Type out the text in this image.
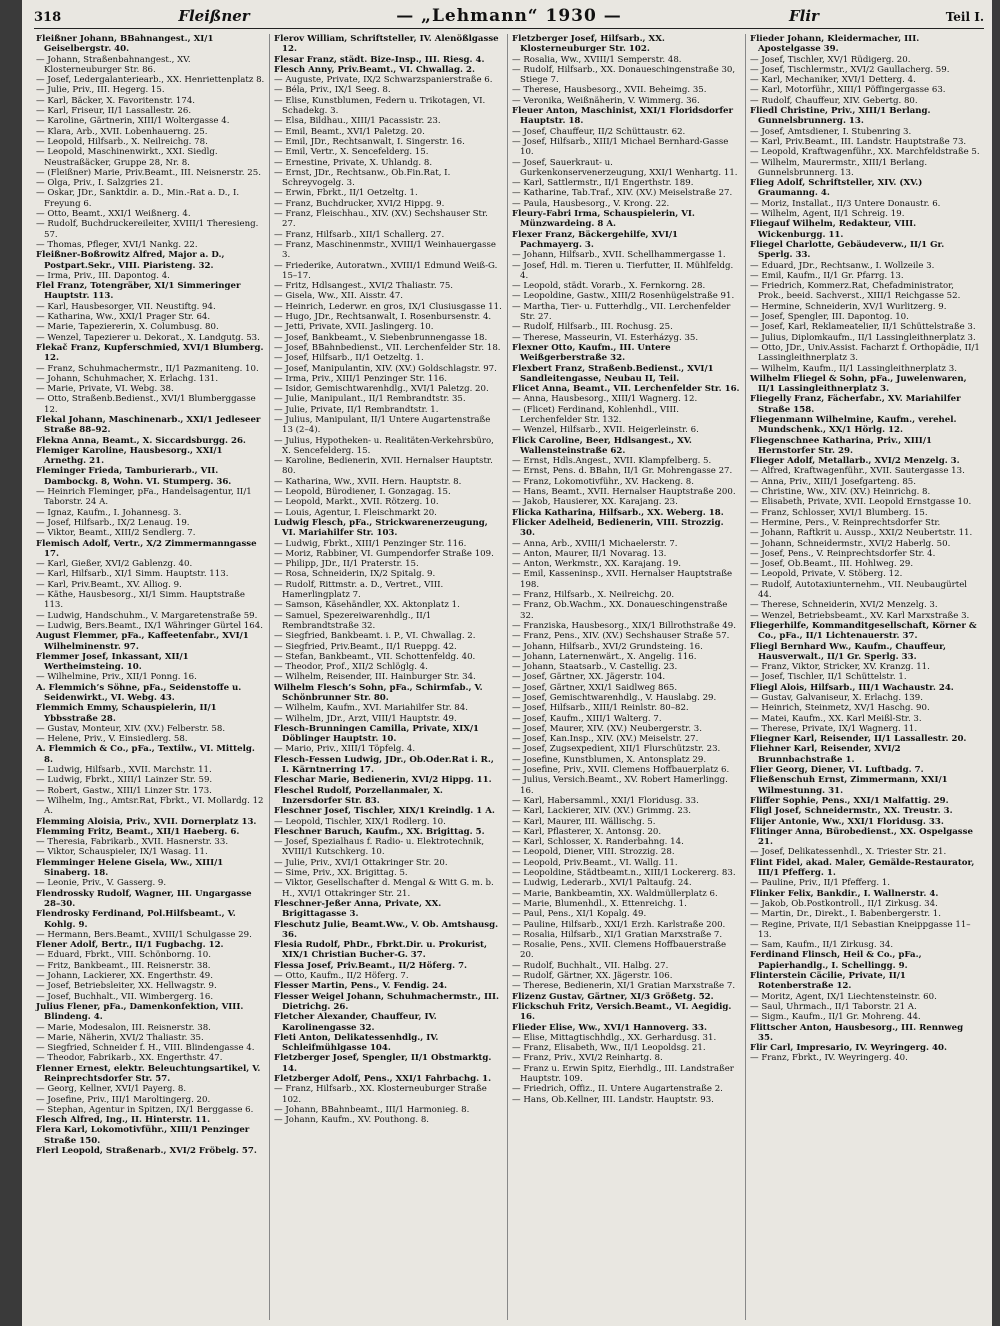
318	Fleißner	— „Lehmann“ 1930 —	Flir	Teil I.

Fleißner Johann, BBahnangest., XI/1 Geiselbergstr. 40.

— Johann, Straßenbahnangest., XV. Klosterneuburger Str. 86.

— Josef, Ledergalanteriearb., XX. Henriettenplatz 8.

— Julie, Priv., III. Hegerg. 15.

— Karl, Bäcker, X. Favoritenstr. 174.

— Karl, Friseur, II/1 Lassallestr. 26.

— Karoline, Gärtnerin, XIII/1 Woltergasse 4.

— Klara, Arb., XVII. Lobenhauerng. 25.

— Leopold, Hilfsarb., X. Neilreichg. 78.

— Leopold, Maschinenwirkt., XXI. Siedlg. Neustraßäcker, Gruppe 28, Nr. 8.

— (Fleißner) Marie, Priv.Beamt., III. Neisnerstr. 25.

— Olga, Priv., I. Salzgries 21.

— Oskar, JDr., Sanktdir. a. D., Min.-Rat a. D., I. Freyung 6.

— Otto, Beamt., XXI/1 Weißnerg. 4.

— Rudolf, Buchdruckereileiter, XVIII/1 Theresieng. 57.

— Thomas, Pfleger, XVI/1 Nankg. 22.

Fleißner-Boßrowitz Alfred, Major a. D., Postpart.Sekr., VIII. Piaristeng. 32.

— Irma, Priv., III. Dapontog. 4.

Flel Franz, Totengräber, XI/1 Simmeringer Hauptstr. 113.

— Karl, Hausbesorger, VII. Neustiftg. 94.

— Katharina, Ww., XXI/1 Prager Str. 64.

— Marie, Tapeziererin, X. Columbusg. 80.

— Wenzel, Tapezierer u. Dekorat., X. Landgutg. 53.

Flekač Franz, Kupferschmied, XVI/1 Blumberg. 12.

— Franz, Schuhmachermstr., II/1 Pazmaniteng. 10.

— Johann, Schuhmacher, X. Erlachg. 131.

— Marie, Private, VI. Webg. 38.

— Otto, Straßenb.Bedienst., XVI/1 Blumberggasse 12.

Flekal Johann, Maschinenarb., XXI/1 Jedleseer Straße 88–92.

Flekna Anna, Beamt., X. Siccardsburgg. 26.

Flemiger Karoline, Hausbesorg., XXI/1 Arnethg. 21.

Fleminger Frieda, Tamburierarb., VII. Dambockg. 8, Wohn. VI. Stumperg. 36.

— Heinrich Fleminger, pFa., Handelsagentur, II/1 Taborstr. 24 A.

— Ignaz, Kaufm., I. Johannesg. 3.

— Josef, Hilfsarb., IX/2 Lenaug. 19.

— Viktor, Beamt., XIII/2 Sendlerg. 7.

Flemisch Adolf, Vertr., X/2 Zimmermanngasse 17.

— Karl, Gießer, XVI/2 Gablenzg. 40.

— Karl, Hilfsarb., XI/1 Simm. Hauptstr. 113.

— Karl, Priv.Beamt., XV. Alliog. 9.

— Käthe, Hausbesorg., XI/1 Simm. Hauptstraße 113.

— Ludwig, Handschuhm., V. Margaretenstraße 59.

— Ludwig, Bers.Beamt., IX/1 Währinger Gürtel 164.

August Flemmer, pFa., Kaffeetenfabr., XVI/1 Wilhelminenstr. 97.

Flemmer Josef, Inkassant, XII/1 Wertheimsteing. 10.

— Wilhelmine, Priv., XII/1 Ponng. 16.

A. Flemmich’s Söhne, pFa., Seidenstoffe u. Seidenwirkt., VI. Webg. 43.

Flemmich Emmy, Schauspielerin, II/1 Ybbsstraße 28.

— Gustav, Monteur, XIV. (XV.) Felberstr. 58.

— Helene, Priv., V. Einsiedlerg. 58.

A. Flemmich & Co., pFa., Textilw., VI. Mittelg. 8.

— Ludwig, Hilfsarb., XVII. Marchstr. 11.

— Ludwig, Fbrkt., XIII/1 Lainzer Str. 59.

— Robert, Gastw., XIII/1 Linzer Str. 173.

— Wilhelm, Ing., Amtsr.Rat, Fbrkt., VI. Mollardg. 12 A.

Flemming Aloisia, Priv., XVII. Dornerplatz 13.

Flemming Fritz, Beamt., XII/1 Haeberg. 6.

— Theresia, Fabrikarb., XVII. Hasnerstr. 33.

— Viktor, Schauspieler, IX/1 Wasag. 11.

Flemminger Helene Gisela, Ww., XIII/1 Sinaberg. 18.

— Leonie, Priv., V. Gasserg. 9.

Flendrossky Rudolf, Wagner, III. Ungargasse 28–30.

Flendrosky Ferdinand, Pol.Hilfsbeamt., V. Kohlg. 9.

— Hermann, Bers.Beamt., XVIII/1 Schulgasse 29.

Flener Adolf, Bertr., II/1 Fugbachg. 12.

— Eduard, Fbrkt., VIII. Schönborng. 10.

— Fritz, Bankbeamt., III. Reisnerstr. 38.

— Johann, Lackierer, XX. Engerthstr. 49.

— Josef, Betriebsleiter, XX. Hellwagstr. 9.

— Josef, Buchhalt., VII. Wimbergerg. 16.

Julius Flener, pFa., Damenkonfektion, VIII. Blindeng. 4.

— Marie, Modesalon, III. Reisnerstr. 38.

— Marie, Näherin, XVI/2 Thaliastr. 35.

— Siegfried, Schneider f. H., VIII. Blindengasse 4.

— Theodor, Fabrikarb., XX. Engerthstr. 47.

Flenner Ernest, elektr. Beleuchtungsartikel, V. Reinprechtsdorfer Str. 57.

— Georg, Kellner, XVI/1 Payerg. 8.

— Josefine, Priv., III/1 Maroltingerg. 20.

— Stephan, Agentur in Spitzen, IX/1 Berggasse 6.

Flesch Alfred, Ing., II. Hinterstr. 11.

Flera Karl, Lokomotivführ., XIII/1 Penzinger Straße 150.

Flerl Leopold, Straßenarb., XVI/2 Fröbelg. 57.

Flerov William, Schriftsteller, IV. Alenößlgasse 12.

Flesar Franz, städt. Bize-Insp., III. Riesg. 4.

Flesch Anny, Priv.Beamt., VI. Chwallag. 2.

— Auguste, Private, IX/2 Schwarzspanierstraße 6.

— Béla, Priv., IX/1 Seeg. 8.

— Elise, Kunstblumen, Federn u. Trikotagen, VI. Schadekg. 3.

— Elsa, Bildhau., XIII/1 Pacassistr. 23.

— Emil, Beamt., XVI/1 Paletzg. 20.

— Emil, JDr., Rechtsanwalt, I. Singerstr. 16.

— Emil, Vertr., X. Sencefelderg. 15.

— Ernestine, Private, X. Uhlandg. 8.

— Ernst, JDr., Rechtsanw., Ob.Fin.Rat, I. Schreyvogelg. 3.

— Erwin, Fbrkt., II/1 Oetzeltg. 1.

— Franz, Buchdrucker, XVI/2 Hippg. 9.

— Franz, Fleischhau., XIV. (XV.) Sechshauser Str. 27.

— Franz, Hilfsarb., XII/1 Schallerg. 27.

— Franz, Maschinenmstr., XVIII/1 Weinhauergasse 3.

— Friederike, Autoratwn., XVIII/1 Edmund Weiß-G. 15–17.

— Fritz, Hdlsangest., XVI/2 Thaliastr. 75.

— Gisela, Ww., XII. Aisstr. 47.

— Heinrich, Lederwr. en gros, IX/1 Clusiusgasse 11.

— Hugo, JDr., Rechtsanwalt, I. Rosenbursenstr. 4.

— Jetti, Private, XVII. Jaslingerg. 10.

— Josef, Bankbeamt., V. Siebenbrunnengasse 18.

— Josef, BBahnbedienst., VII. Lerchenfelder Str. 18.

— Josef, Hilfsarb., II/1 Oetzeltg. 1.

— Josef, Manipulantin, XIV. (XV.) Goldschlagstr. 97.

— Irma, Priv., XIII/1 Penzinger Str. 116.

— Isidor, Gemischtwarenhdlg., XVI/1 Paletzg. 20.

— Julie, Manipulant., II/1 Rembrandtstr. 35.

— Julie, Private, II/1 Rembrandtstr. 1.

— Julius, Manipulant, II/1 Untere Augartenstraße 13 (2–4).

— Julius, Hypotheken- u. Realitäten-Verkehrsbüro, X. Sencefelderg. 15.

— Karoline, Bedienerin, XVII. Hernalser Hauptstr. 80.

— Katharina, Ww., XVII. Hern. Hauptstr. 8.

— Leopold, Bürodiener, I. Gonzagag. 15.

— Leopold, Markt., XVII. Rötzerg. 10.

— Louis, Agentur, I. Fleischmarkt 20.

Ludwig Flesch, pFa., Strickwarenerzeugung, VI. Mariahilfer Str. 103.

— Ludwig, Fbrkt., XIII/1 Penzinger Str. 116.

— Moriz, Rabbiner, VI. Gumpendorfer Straße 109.

— Philipp, JDr., II/1 Praterstr. 15.

— Rosa, Schneiderin, IX/2 Spitalg. 9.

— Rudolf, Rittmstr. a. D., Vertret., VIII. Hamerlingplatz 7.

— Samson, Käsehändler, XX. Aktonplatz 1.

— Samuel, Spezereiwarenhdlg., II/1 Rembrandtstraße 32.

— Siegfried, Bankbeamt. i. P., VI. Chwallag. 2.

— Siegfried, Priv.Beamt., II/1 Rueppg. 42.

— Stefan, Bankbeamt., VII. Schottenfeldg. 40.

— Theodor, Prof., XII/2 Schlöglg. 4.

— Wilhelm, Reisender, III. Hainburger Str. 34.

Wilhelm Flesch’s Sohn, pFa., Schirmfab., V. Schönbrunner Str. 80.

— Wilhelm, Kaufm., XVI. Mariahilfer Str. 84.

— Wilhelm, JDr., Arzt, VIII/1 Hauptstr. 49.

Flesch-Brunningen Camilla, Private, XIX/1 Döblinger Hauptstr. 10.

— Mario, Priv., XIII/1 Töpfelg. 4.

Flesch-Fessen Ludwig, JDr., Ob.Oder.Rat i. R., I. Kärntnerring 17.

Fleschar Marie, Bedienerin, XVI/2 Hippg. 11.

Fleschel Rudolf, Porzellanmaler, X. Inzersdorfer Str. 83.

Fleschner Josef, Tischler, XIX/1 Kreindlg. 1 A.

— Leopold, Tischler, XIX/1 Rodlerg. 10.

Fleschner Baruch, Kaufm., XX. Brigittag. 5.

— Josef, Spezialhaus f. Radio- u. Elektrotechnik, XVIII/1 Kutschkerg. 10.

— Julie, Priv., XVI/1 Ottakringer Str. 20.

— Sime, Priv., XX. Brigittag. 5.

— Viktor, Gesellschafter d. Mengal & Witt G. m. b. H., XVI/1 Ottakringer Str. 21.

Fleschner-Jeßer Anna, Private, XX. Brigittagasse 3.

Fleschutz Julie, Beamt.Ww., V. Ob. Amtshausg. 36.

Flesia Rudolf, PhDr., Fbrkt.Dir. u. Prokurist, XIX/1 Christian Bucher-G. 37.

Flessa Josef, Priv.Beamt., II/2 Höferg. 7.

— Otto, Kaufm., II/2 Höferg. 7.

Flesser Martin, Pens., V. Fendig. 24.

Flesser Weigel Johann, Schuhmachermstr., III. Dietrichg. 26.

Fletcher Alexander, Chauffeur, IV. Karolinengasse 32.

Fleti Anton, Delikatessenhdlg., IV. Schleifmühlgasse 104.

Fletzberger Josef, Spengler, II/1 Obstmarktg. 14.

Fletzberger Adolf, Pens., XXI/1 Fahrbachg. 1.

— Franz, Hilfsarb., XX. Klosterneuburger Straße 102.

— Johann, BBahnbeamt., III/1 Harmonieg. 8.

— Johann, Kaufm., XV. Pouthong. 8.

Fletzberger Josef, Hilfsarb., XX. Klosterneuburger Str. 102.

— Rosalia, Ww., XVIII/1 Semperstr. 48.

— Rudolf, Hilfsarb., XX. Donaueschingenstraße 30, Stiege 7.

— Therese, Hausbesorg., XVII. Beheimg. 35.

— Veronika, Weißnäherin, V. Wimmerg. 36.

Fleuer Anton, Maschinist, XXI/1 Floridsdorfer Hauptstr. 18.

— Josef, Chauffeur, II/2 Schüttaustr. 62.

— Josef, Hilfsarb., XIII/1 Michael Bernhard-Gasse 10.

— Josef, Sauerkraut- u. Gurkenkonservenerzeugung, XXI/1 Wenhartg. 11.

— Karl, Sattlermstr., II/1 Engerthstr. 189.

— Katharine, Tab.Traf., XIV. (XV.) Meiselstraße 27.

— Paula, Hausbesorg., V. Krong. 22.

Fleury-Fabri Irma, Schauspielerin, VI. Münzwardeing. 8 A.

Flexer Franz, Bäckergehilfe, XVI/1 Pachmayerg. 3.

— Johann, Hilfsarb., XVII. Schellhammergasse 1.

— Josef, Hdl. m. Tieren u. Tierfutter, II. Mühlfeldg. 4.

— Leopold, städt. Vorarb., X. Fernkorng. 28.

— Leopoldine, Gastw., XIII/2 Rosenhügelstraße 91.

— Martha, Tier- u. Futterhdlg., VII. Lerchenfelder Str. 27.

— Rudolf, Hilfsarb., III. Rochusg. 25.

— Therese, Masseurin, VI. Esterházyg. 35.

Flexner Otto, Kaufm., III. Untere Weißgerberstraße 32.

Flexbert Franz, Straßenb.Bedienst., XVI/1 Sandleitengasse, Neubau II, Teil.

Flicet Anna, Beamt., VII. Lerchenfelder Str. 16.

— Anna, Hausbesorg., XIII/1 Wagnerg. 12.

— (Flicet) Ferdinand, Kohlenhdl., VIII. Lerchenfelder Str. 132.

— Wenzel, Hilfsarb., XVII. Heigerleinstr. 6.

Flick Caroline, Beer, Hdlsangest., XV. Wallensteinstraße 62.

— Ernst, Hdls.Angest., XVII. Klampfelberg. 5.

— Ernst, Pens. d. BBahn, II/1 Gr. Mohrengasse 27.

— Franz, Lokomotivführ., XV. Hackeng. 8.

— Hans, Beamt., XVII. Hernalser Hauptstraße 200.

— Jakob, Hausierer, XX. Karajang. 23.

Flicka Katharina, Hilfsarb., XX. Weberg. 18.

Flicker Adelheid, Bedienerin, VIII. Strozzig. 30.

— Anna, Arb., XVIII/1 Michaelerstr. 7.

— Anton, Maurer, II/1 Novarag. 13.

— Anton, Werkmstr., XX. Karajang. 19.

— Emil, Kasseninsp., XVII. Hernalser Hauptstraße 198.

— Franz, Hilfsarb., X. Neilreichg. 20.

— Franz, Ob.Wachm., XX. Donaueschingenstraße 32.

— Franziska, Hausbesorg., XIX/1 Billrothstraße 49.

— Franz, Pens., XIV. (XV.) Sechshauser Straße 57.

— Johann, Hilfsarb., XVI/2 Grundsteing. 16.

— Johann, Laternenwärt., X. Angelig. 116.

— Johann, Staatsarb., V. Castellig. 23.

— Josef, Gärtner, XX. Jägerstr. 104.

— Josef, Gärtner, XXI/1 Saidlweg 865.

— Josef, Gemischtwarenhdlg., V. Hauslabg. 29.

— Josef, Hilfsarb., XIII/1 Reinlstr. 80–82.

— Josef, Kaufm., XIII/1 Walterg. 7.

— Josef, Maurer, XIV. (XV.) Neubergerstr. 3.

— Josef, Kan.Insp., XIV. (XV.) Meiselstr. 27.

— Josef, Zugsexpedient, XII/1 Flurschützstr. 23.

— Josefine, Kunstblumen, X. Antonsplatz 29.

— Josefine, Priv., XVII. Clemens Hoffbauerplatz 6.

— Julius, Versich.Beamt., XV. Robert Hamerlingg. 16.

— Karl, Habersamml., XXI/1 Floridusg. 33.

— Karl, Lackierer, XIV. (XV.) Grimmg. 23.

— Karl, Maurer, III. Wällischg. 5.

— Karl, Pflasterer, X. Antonsg. 20.

— Karl, Schlosser, X. Randerbahng. 14.

— Leopold, Diener, VIII. Strozzig. 28.

— Leopold, Priv.Beamt., VI. Wallg. 11.

— Leopoldine, Städtbeamt.n., XIII/1 Lockererg. 83.

— Ludwig, Lederarb., XVI/1 Paltaufg. 24.

— Marie, Bankbeamtin, XX. Waldmüllerplatz 6.

— Marie, Blumenhdl., X. Ettenreichg. 1.

— Paul, Pens., XI/1 Kopalg. 49.

— Pauline, Hilfsarb., XXI/1 Erzh. Karlstraße 200.

— Rosalia, Hilfsarb., XI/1 Gratian Marxstraße 7.

— Rosalie, Pens., XVII. Clemens Hoffbauerstraße 20.

— Rudolf, Buchhalt., VII. Halbg. 27.

— Rudolf, Gärtner, XX. Jägerstr. 106.

— Therese, Bedienerin, XI/1 Gratian Marxstraße 7.

Flizenz Gustav, Gärtner, XI/3 Größetg. 52.

Flickschuh Fritz, Versich.Beamt., VI. Aegidig. 16.

Flieder Elise, Ww., XVI/1 Hannoverg. 33.

— Elise, Mittagtischhdlg., XX. Gerhardusg. 31.

— Franz, Elisabeth, Ww., II/1 Leopoldsg. 21.

— Franz, Priv., XVI/2 Reinhartg. 8.

— Franz u. Erwin Spitz, Eierhdlg., III. Landstraßer Hauptstr. 109.

— Friedrich, Offiz., II. Untere Augartenstraße 2.

— Hans, Ob.Kellner, III. Landstr. Hauptstr. 93.

Flieder Johann, Kleidermacher, III. Apostelgasse 39.

— Josef, Tischler, XV/1 Rüdigerg. 20.

— Josef, Tischlermstr., XVI/2 Gaullacherg. 59.

— Karl, Mechaniker, XVI/1 Detterg. 4.

— Karl, Motorführ., XIII/1 Pöffingergasse 63.

— Rudolf, Chauffeur, XIV. Gebertg. 80.

Fliedl Christine, Priv., XIII/1 Berlang. Gunnelsbrunnerg. 13.

— Josef, Amtsdiener, I. Stubenring 3.

— Karl, Priv.Beamt., III. Landstr. Hauptstraße 73.

— Leopold, Kraftwagenführ., XX. Marchfeldstraße 5.

— Wilhelm, Maurermstr., XIII/1 Berlang. Gunnelsbrunnerg. 13.

Flieg Adolf, Schriftsteller, XIV. (XV.) Graumanng. 4.

— Moriz, Installat., II/3 Untere Donaustr. 6.

— Wilhelm, Agent, II/1 Schreig. 19.

Fliegauf Wilhelm, Redakteur, VIII. Wickenburgg. 11.

Fliegel Charlotte, Gebäudeverw., II/1 Gr. Sperlg. 33.

— Eduard, JDr., Rechtsanw., I. Wollzeile 3.

— Emil, Kaufm., II/1 Gr. Pfarrg. 13.

— Friedrich, Kommerz.Rat, Chefadministrator, Prok., beeid. Sachverst., XIII/1 Reichgasse 52.

— Hermine, Schneiderin, XV/1 Wurlitzerg. 9.

— Josef, Spengler, III. Dapontog. 10.

— Josef, Karl, Reklameatelier, II/1 Schüttelstraße 3.

— Julius, Diplomkaufm., II/1 Lassingleithnerplatz 3.

— Otto, JDr., Univ.Assist. Facharzt f. Orthopädie, II/1 Lassingleithnerplatz 3.

— Wilhelm, Kaufm., II/1 Lassingleithnerplatz 3.

Wilhelm Fliegel & Sohn, pFa., Juwelenwaren, II/1 Lassingleithnerplatz 3.

Fliegelly Franz, Fächerfabr., XV. Mariahilfer Straße 158.

Fliegenmann Wilhelmine, Kaufm., verehel. Mundschenk., XX/1 Hörlg. 12.

Fliegenschnee Katharina, Priv., XIII/1 Hernstorfer Str. 29.

Flieger Adolf, Metallarb., XVI/2 Menzelg. 3.

— Alfred, Kraftwagenführ., XVII. Sautergasse 13.

— Anna, Priv., XIII/1 Josefgarteng. 85.

— Christine, Ww., XIV. (XV.) Heinrichg. 8.

— Elisabeth, Private, XVII. Leopold Ernstgasse 10.

— Franz, Schlosser, XVI/1 Blumberg. 15.

— Hermine, Pers., V. Reinprechtsdorfer Str.

— Johann, Raftkrit u. Aussp., XXI/2 Neubertstr. 11.

— Johann, Schneidermstr., XVI/2 Haberlg. 50.

— Josef, Pens., V. Reinprechtsdorfer Str. 4.

— Josef, Ob.Beamt., III. Hohlweg. 29.

— Leopold, Private, V. Stöberg. 12.

— Rudolf, Autotaxiunternehm., VII. Neubaugürtel 44.

— Therese, Schneiderin, XVI/2 Menzelg. 3.

— Wenzel, Betriebsbeamt., XV. Karl Marxstraße 3.

Fliegerhilfe, Kommanditgesellschaft, Körner & Co., pFa., II/1 Lichtenauerstr. 37.

Fliegl Bernhard Ww., Kaufm., Chauffeur, Hausverwalt., II/1 Gr. Sperlg. 33.

— Franz, Viktor, Stricker, XV. Kranzg. 11.

— Josef, Tischler, II/1 Schüttelstr. 1.

Fliegl Alois, Hilfsarb., III/1 Wachaustr. 24.

— Gustav, Galvaniseur, X. Erlachg. 139.

— Heinrich, Steinmetz, XV/1 Haschg. 90.

— Matei, Kaufm., XX. Karl Meißl-Str. 3.

— Therese, Private, IX/1 Wagnerg. 11.

Fliegner Karl, Reisender, II/1 Lassallestr. 20.

Fliehner Karl, Reisender, XVI/2 Brunnbachstraße 1.

Flier Georg, Diener, VI. Luftbadg. 7.

Fließenschuh Ernst, Zimmermann, XXI/1 Wilmestunng. 31.

Fliffer Sophie, Pens., XXI/1 Malfattig. 29.

Fligl Josef, Schneidermstr., XX. Treustr. 3.

Flijer Antonie, Ww., XXI/1 Floridusg. 33.

Flitinger Anna, Bürobedienst., XX. Ospelgasse 21.

— Josef, Delikatessenhdl., X. Triester Str. 21.

Flint Fidel, akad. Maler, Gemälde-Restaurator, III/1 Pfefferg. 1.

— Pauline, Priv., II/1 Pfefferg. 1.

Flinker Felix, Bankdir., I. Wallnerstr. 4.

— Jakob, Ob.Postkontroll., II/1 Zirkusg. 34.

— Martin, Dr., Direkt., I. Babenbergerstr. 1.

— Regine, Private, II/1 Sebastian Kneippgasse 11–13.

— Sam, Kaufm., II/1 Zirkusg. 34.

Ferdinand Flinsch, Heil & Co., pFa., Papierhandlg., I. Schellingg. 9.

Flinterstein Cäcilie, Private, II/1 Rotenberstraße 12.

— Moritz, Agent, IX/1 Liechtensteinstr. 60.

— Saul, Uhrmach., II/1 Taborstr. 21 A.

— Sigm., Kaufm., II/1 Gr. Mohreng. 44.

Flittscher Anton, Hausbesorg., III. Rennweg 35.

Flir Carl, Impresario, IV. Weyringerg. 40.

— Franz, Fbrkt., IV. Weyringerg. 40.
